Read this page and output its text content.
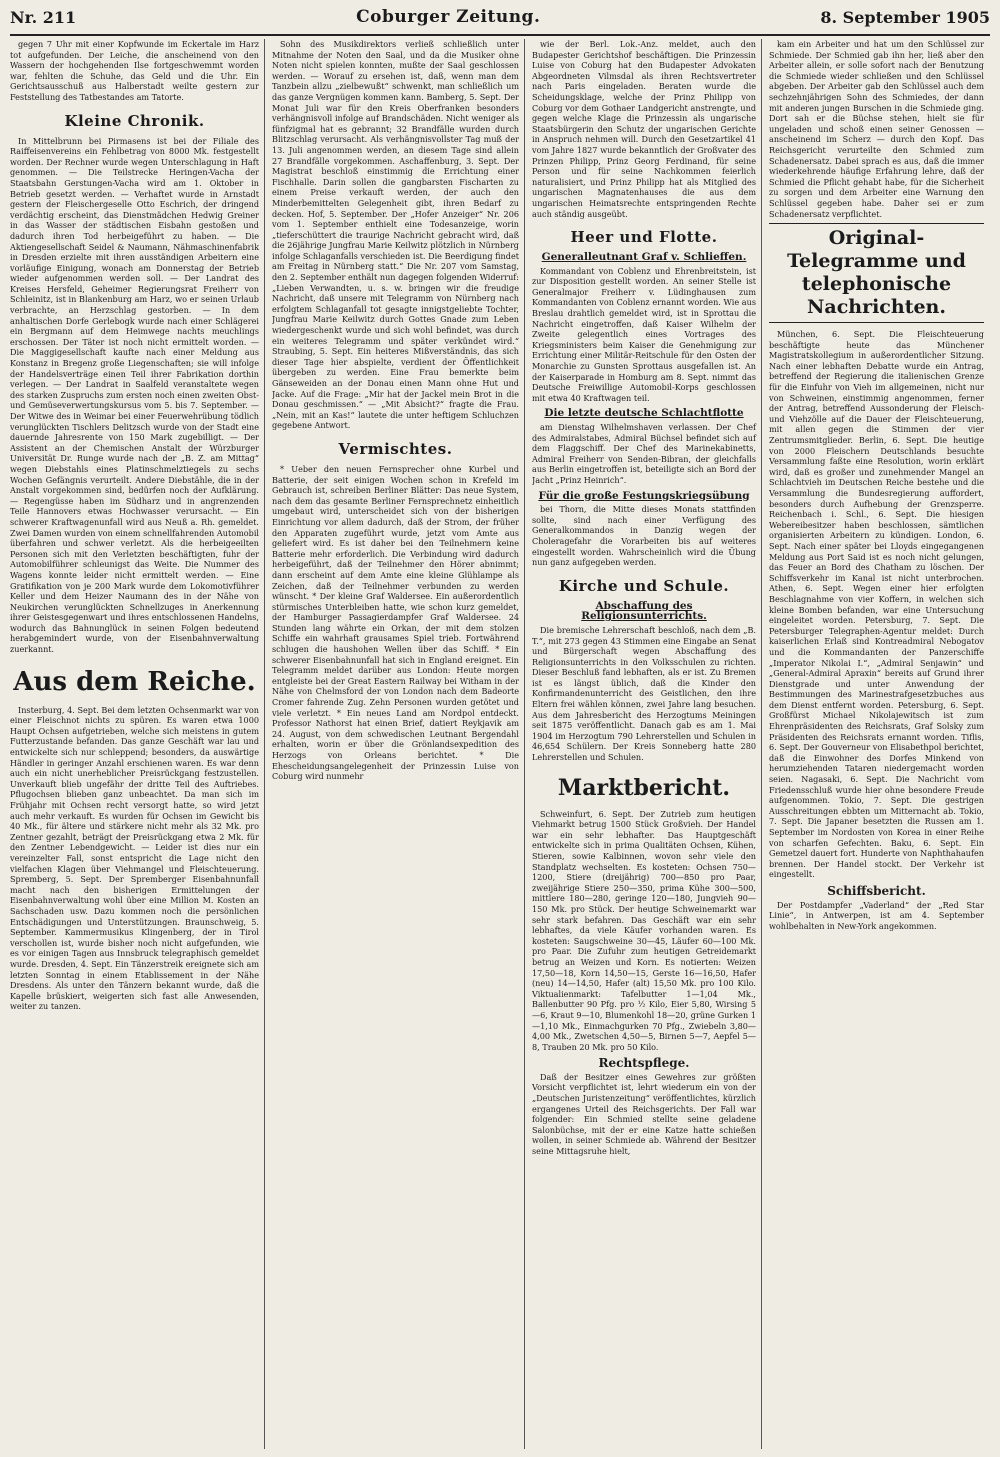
Nr. 211	Coburger Zeitung.	8. September 1905

gegen 7 Uhr mit einer Kopfwunde im Eckertale im Harz tot aufgefunden. Der Leiche, die anscheinend von den Wassern der hochgehenden Ilse fortgeschwemmt worden war, fehlten die Schuhe, das Geld und die Uhr. Ein Gerichtsausschuß aus Halberstadt weilte gestern zur Feststellung des Tatbestandes am Tatorte.

Kleine Chronik.

In Mittelbrunn bei Pirmasens ist bei der Filiale des Raiffeisenvereins ein Fehlbetrag von 8000 Mk. festgestellt worden. Der Rechner wurde wegen Unterschlagung in Haft genommen. — Die Teilstrecke Heringen-Vacha der Staatsbahn Gerstungen-Vacha wird am 1. Oktober in Betrieb gesetzt werden. — Verhaftet wurde in Arnstadt gestern der Fleischergeselle Otto Eschrich, der dringend verdächtig erscheint, das Dienstmädchen Hedwig Greiner in das Wasser der städtischen Eisbahn gestoßen und dadurch ihren Tod herbeigeführt zu haben. — Die Aktiengesellschaft Seidel & Naumann, Nähmaschinenfabrik in Dresden erzielte mit ihren ausständigen Arbeitern eine vorläufige Einigung, wonach am Donnerstag der Betrieb wieder aufgenommen werden soll. — Der Landrat des Kreises Hersfeld, Geheimer Regierungsrat Freiherr von Schleinitz, ist in Blankenburg am Harz, wo er seinen Urlaub verbrachte, an Herzschlag gestorben. — In dem anhaltischen Dorfe Gerlebogk wurde nach einer Schlägerei ein Bergmann auf dem Heimwege nachts meuchlings erschossen. Der Täter ist noch nicht ermittelt worden. — Die Maggigesellschaft kaufte nach einer Meldung aus Konstanz in Bregenz große Liegenschaften; sie will infolge der Handelsverträge einen Teil ihrer Fabrikation dorthin verlegen. — Der Landrat in Saalfeld veranstaltete wegen des starken Zuspruchs zum ersten noch einen zweiten Obst- und Gemüseverwertungskursus vom 5. bis 7. September. — Der Witwe des in Weimar bei einer Feuerwehrübung tödlich verunglückten Tischlers Delitzsch wurde von der Stadt eine dauernde Jahresrente von 150 Mark zugebilligt. — Der Assistent an der Chemischen Anstalt der Würzburger Universität Dr. Runge wurde nach der „B. Z. am Mittag“ wegen Diebstahls eines Platinschmelztiegels zu sechs Wochen Gefängnis verurteilt. Andere Diebstähle, die in der Anstalt vorgekommen sind, bedürfen noch der Aufklärung. — Regengüsse haben im Südharz und in angrenzenden Teile Hannovers etwas Hochwasser verursacht. — Ein schwerer Kraftwagenunfall wird aus Neuß a. Rh. gemeldet. Zwei Damen wurden von einem schnellfahrenden Automobil überfahren und schwer verletzt. Als die herbeigeeilten Personen sich mit den Verletzten beschäftigten, fuhr der Automobilführer schleunigst das Weite. Die Nummer des Wagens konnte leider nicht ermittelt werden. — Eine Gratifikation von je 200 Mark wurde dem Lokomotivführer Keller und dem Heizer Naumann des in der Nähe von Neukirchen verunglückten Schnellzuges in Anerkennung ihrer Geistesgegenwart und ihres entschlossenen Handelns, wodurch das Bahnunglück in seinen Folgen bedeutend herabgemindert wurde, von der Eisenbahnverwaltung zuerkannt.

Aus dem Reiche.

Insterburg, 4. Sept. Bei dem letzten Ochsenmarkt war von einer Fleischnot nichts zu spüren. Es waren etwa 1000 Haupt Ochsen aufgetrieben, welche sich meistens in gutem Futterzustande befanden. Das ganze Geschäft war lau und entwickelte sich nur schleppend; besonders, da auswärtige Händler in geringer Anzahl erschienen waren. Es war denn auch ein nicht unerheblicher Preisrückgang festzustellen. Unverkauft blieb ungefähr der dritte Teil des Auftriebes. Pflugochsen blieben ganz unbeachtet. Da man sich im Frühjahr mit Ochsen recht versorgt hatte, so wird jetzt auch mehr verkauft. Es wurden für Ochsen im Gewicht bis 40 Mk., für ältere und stärkere nicht mehr als 32 Mk. pro Zentner gezahlt, beträgt der Preisrückgang etwa 2 Mk. für den Zentner Lebendgewicht. — Leider ist dies nur ein vereinzelter Fall, sonst entspricht die Lage nicht den vielfachen Klagen über Viehmangel und Fleischteuerung. Spremberg, 5. Sept. Der Spremberger Eisenbahnunfall macht nach den bisherigen Ermittelungen der Eisenbahnverwaltung wohl über eine Million M. Kosten an Sachschaden usw. Dazu kommen noch die persönlichen Entschädigungen und Unterstützungen. Braunschweig, 5. September. Kammermusikus Klingenberg, der in Tirol verschollen ist, wurde bisher noch nicht aufgefunden, wie es vor einigen Tagen aus Innsbruck telegraphisch gemeldet wurde. Dresden, 4. Sept. Ein Tänzerstreik ereignete sich am letzten Sonntag in einem Etablissement in der Nähe Dresdens. Als unter den Tänzern bekannt wurde, daß die Kapelle brüskiert, weigerten sich fast alle Anwesenden, weiter zu tanzen.

Sohn des Musikdirektors verließ schließlich unter Mitnahme der Noten den Saal, und da die Musiker ohne Noten nicht spielen konnten, mußte der Saal geschlossen werden. — Worauf zu ersehen ist, daß, wenn man dem Tanzbein allzu „zielbewußt“ schwenkt, man schließlich um das ganze Vergnügen kommen kann. Bamberg, 5. Sept. Der Monat Juli war für den Kreis Oberfranken besonders verhängnisvoll infolge auf Brandschäden. Nicht weniger als fünfzigmal hat es gebrannt; 32 Brandfälle wurden durch Blitzschlag verursacht. Als verhängnisvollster Tag muß der 13. Juli angenommen werden, an diesem Tage sind allein 27 Brandfälle vorgekommen. Aschaffenburg, 3. Sept. Der Magistrat beschloß einstimmig die Errichtung einer Fischhalle. Darin sollen die gangbarsten Fischarten zu einem Preise verkauft werden, der auch den Minderbemittelten Gelegenheit gibt, ihren Bedarf zu decken. Hof, 5. September. Der „Hofer Anzeiger“ Nr. 206 vom 1. September enthielt eine Todesanzeige, worin „tieferschüttert die traurige Nachricht gebracht wird, daß die 26jährige Jungfrau Marie Keilwitz plötzlich in Nürnberg infolge Schlaganfalls verschieden ist. Die Beerdigung findet am Freitag in Nürnberg statt.“ Die Nr. 207 vom Samstag, den 2. September enthält nun dagegen folgenden Widerruf: „Lieben Verwandten, u. s. w. bringen wir die freudige Nachricht, daß unsere mit Telegramm von Nürnberg nach erfolgtem Schlaganfall tot gesagte innigstgeliebte Tochter, Jungfrau Marie Keilwitz durch Gottes Gnade zum Leben wiedergeschenkt wurde und sich wohl befindet, was durch ein weiteres Telegramm und später verkündet wird.“ Straubing, 5. Sept. Ein heiteres Mißverständnis, das sich dieser Tage hier abspielte, verdient der Öffentlichkeit übergeben zu werden. Eine Frau bemerkte beim Gänseweiden an der Donau einen Mann ohne Hut und Jacke. Auf die Frage: „Mir hat der Jackel mein Brot in die Donau geschmissen.“ — „Mit Absicht?“ fragte die Frau. „Nein, mit an Kas!“ lautete die unter heftigem Schluchzen gegebene Antwort.

Vermischtes.

* Ueber den neuen Fernsprecher ohne Kurbel und Batterie, der seit einigen Wochen schon in Krefeld im Gebrauch ist, schreiben Berliner Blätter: Das neue System, nach dem das gesamte Berliner Fernsprechnetz einheitlich umgebaut wird, unterscheidet sich von der bisherigen Einrichtung vor allem dadurch, daß der Strom, der früher den Apparaten zugeführt wurde, jetzt vom Amte aus geliefert wird. Es ist daher bei den Teilnehmern keine Batterie mehr erforderlich. Die Verbindung wird dadurch herbeigeführt, daß der Teilnehmer den Hörer abnimmt; dann erscheint auf dem Amte eine kleine Glühlampe als Zeichen, daß der Teilnehmer verbunden zu werden wünscht. * Der kleine Graf Waldersee. Ein außerordentlich stürmisches Unterbleiben hatte, wie schon kurz gemeldet, der Hamburger Passagierdampfer Graf Waldersee. 24 Stunden lang währte ein Orkan, der mit dem stolzen Schiffe ein wahrhaft grausames Spiel trieb. Fortwährend schlugen die haushohen Wellen über das Schiff. * Ein schwerer Eisenbahnunfall hat sich in England ereignet. Ein Telegramm meldet darüber aus London: Heute morgen entgleiste bei der Great Eastern Railway bei Witham in der Nähe von Chelmsford der von London nach dem Badeorte Cromer fahrende Zug. Zehn Personen wurden getötet und viele verletzt. * Ein neues Land am Nordpol entdeckt. Professor Nathorst hat einen Brief, datiert Reykjavik am 24. August, von dem schwedischen Leutnant Bergendahl erhalten, worin er über die Grönlandsexpedition des Herzogs von Orleans berichtet. * Die Ehescheidungsangelegenheit der Prinzessin Luise von Coburg wird nunmehr

wie der Berl. Lok.-Anz. meldet, auch den Budapester Gerichtshof beschäftigen. Die Prinzessin Luise von Coburg hat den Budapester Advokaten Abgeordneten Vilmsdal als ihren Rechtsvertreter nach Paris eingeladen. Beraten wurde die Scheidungsklage, welche der Prinz Philipp von Coburg vor dem Gothaer Landgericht anstrengte, und gegen welche Klage die Prinzessin als ungarische Staatsbürgerin den Schutz der ungarischen Gerichte in Anspruch nehmen will. Durch den Gesetzartikel 41 vom Jahre 1827 wurde bekanntlich der Großvater des Prinzen Philipp, Prinz Georg Ferdinand, für seine Person und für seine Nachkommen feierlich naturalisiert, und Prinz Philipp hat als Mitglied des ungarischen Magnatenhauses die aus dem ungarischen Heimatsrechte entspringenden Rechte auch ständig ausgeübt.

Heer und Flotte.
Generalleutnant Graf v. Schlieffen.

Kommandant von Coblenz und Ehrenbreitstein, ist zur Disposition gestellt worden. An seiner Stelle ist Generalmajor Freiherr v. Lüdinghausen zum Kommandanten von Coblenz ernannt worden. Wie aus Breslau drahtlich gemeldet wird, ist in Sprottau die Nachricht eingetroffen, daß Kaiser Wilhelm der Zweite gelegentlich eines Vortrages des Kriegsministers beim Kaiser die Genehmigung zur Errichtung einer Militär-Reitschule für den Osten der Monarchie zu Gunsten Sprottaus ausgefallen ist. An der Kaiserparade in Homburg am 8. Sept. nimmt das Deutsche Freiwillige Automobil-Korps geschlossen mit etwa 40 Kraftwagen teil.

Die letzte deutsche Schlachtflotte

am Dienstag Wilhelmshaven verlassen. Der Chef des Admiralstabes, Admiral Büchsel befindet sich auf dem Flaggschiff. Der Chef des Marinekabinetts, Admiral Freiherr von Senden-Bibran, der gleichfalls aus Berlin eingetroffen ist, beteiligte sich an Bord der Jacht „Prinz Heinrich“.

Für die große Festungskriegsübung

bei Thorn, die Mitte dieses Monats stattfinden sollte, sind nach einer Verfügung des Generalkommandos in Danzig wegen der Choleragefahr die Vorarbeiten bis auf weiteres eingestellt worden. Wahrscheinlich wird die Übung nun ganz aufgegeben werden.

Kirche und Schule.
Abschaffung des Religionsunterrichts.

Die bremische Lehrerschaft beschloß, nach dem „B. T.“, mit 273 gegen 43 Stimmen eine Eingabe an Senat und Bürgerschaft wegen Abschaffung des Religionsunterrichts in den Volksschulen zu richten. Dieser Beschluß fand lebhaften, als er ist. Zu Bremen ist es längst üblich, daß die Kinder den Konfirmandenunterricht des Geistlichen, den ihre Eltern frei wählen können, zwei Jahre lang besuchen. Aus dem Jahresbericht des Herzogtums Meiningen seit 1875 veröffentlicht. Danach gab es am 1. Mai 1904 im Herzogtum 790 Lehrerstellen und Schulen in 46,654 Schülern. Der Kreis Sonneberg hatte 280 Lehrerstellen und Schulen.

Marktbericht.

Schweinfurt, 6. Sept. Der Zutrieb zum heutigen Viehmarkt betrug 1500 Stück Großvieh. Der Handel war ein sehr lebhafter. Das Hauptgeschäft entwickelte sich in prima Qualitäten Ochsen, Kühen, Stieren, sowie Kalbinnen, wovon sehr viele den Standplatz wechselten. Es kosteten: Ochsen 750—1200, Stiere (dreijährig) 700—850 pro Paar, zweijährige Stiere 250—350, prima Kühe 300—500, mittlere 180—280, geringe 120—180, Jungvieh 90—150 Mk. pro Stück. Der heutige Schweinemarkt war sehr stark befahren. Das Geschäft war ein sehr lebhaftes, da viele Käufer vorhanden waren. Es kosteten: Saugschweine 30—45, Läufer 60—100 Mk. pro Paar. Die Zufuhr zum heutigen Getreidemarkt betrug an Weizen und Korn. Es notierten: Weizen 17,50—18, Korn 14,50—15, Gerste 16—16,50, Hafer (neu) 14—14,50, Hafer (alt) 15,50 Mk. pro 100 Kilo. Viktualienmarkt: Tafelbutter 1—1,04 Mk., Ballenbutter 90 Pfg. pro ½ Kilo, Eier 5,80, Wirsing 5—6, Kraut 9—10, Blumenkohl 18—20, grüne Gurken 1—1,10 Mk., Einmachgurken 70 Pfg., Zwiebeln 3,80—4,00 Mk., Zwetschen 4,50—5, Birnen 5—7, Aepfel 5—8, Trauben 20 Mk. pro 50 Kilo.

Rechtspflege.

Daß der Besitzer eines Gewehres zur größten Vorsicht verpflichtet ist, lehrt wiederum ein von der „Deutschen Juristenzeitung“ veröffentlichtes, kürzlich ergangenes Urteil des Reichsgerichts. Der Fall war folgender: Ein Schmied stellte seine geladene Salonbüchse, mit der er eine Katze hatte schießen wollen, in seiner Schmiede ab. Während der Besitzer seine Mittagsruhe hielt,

kam ein Arbeiter und hat um den Schlüssel zur Schmiede. Der Schmied gab ihn her, ließ aber den Arbeiter allein, er solle sofort nach der Benutzung die Schmiede wieder schließen und den Schlüssel abgeben. Der Arbeiter gab den Schlüssel auch dem sechzehnjährigen Sohn des Schmiedes, der dann mit anderen jungen Burschen in die Schmiede ging. Dort sah er die Büchse stehen, hielt sie für ungeladen und schoß einen seiner Genossen — anscheinend im Scherz — durch den Kopf. Das Reichsgericht verurteilte den Schmied zum Schadenersatz. Dabei sprach es aus, daß die immer wiederkehrende häufige Erfahrung lehre, daß der Schmied die Pflicht gehabt habe, für die Sicherheit zu sorgen und dem Arbeiter eine Warnung den Schlüssel gegeben habe. Daher sei er zum Schadenersatz verpflichtet.

Original-Telegramme und telephonische Nachrichten.

München, 6. Sept. Die Fleischteuerung beschäftigte heute das Münchener Magistratskollegium in außerordentlicher Sitzung. Nach einer lebhaften Debatte wurde ein Antrag, betreffend der Regierung die italienischen Grenze für die Einfuhr von Vieh im allgemeinen, nicht nur von Schweinen, einstimmig angenommen, ferner der Antrag, betreffend Aussonderung der Fleisch- und Viehzölle auf die Dauer der Fleischteuerung, mit allen gegen die Stimmen der vier Zentrumsmitglieder. Berlin, 6. Sept. Die heutige von 2000 Fleischern Deutschlands besuchte Versammlung faßte eine Resolution, worin erklärt wird, daß es großer und zunehmender Mangel an Schlachtvieh im Deutschen Reiche bestehe und die Versammlung die Bundesregierung auffordert, besonders durch Aufhebung der Grenzsperre. Reichenbach i. Schl., 6. Sept. Die hiesigen Webereibesitzer haben beschlossen, sämtlichen organisierten Arbeitern zu kündigen. London, 6. Sept. Nach einer später bei Lloyds eingegangenen Meldung aus Port Said ist es noch nicht gelungen, das Feuer an Bord des Chatham zu löschen. Der Schiffsverkehr im Kanal ist nicht unterbrochen. Athen, 6. Sept. Wegen einer hier erfolgten Beschlagnahme von vier Koffern, in welchen sich kleine Bomben befanden, war eine Untersuchung eingeleitet worden. Petersburg, 7. Sept. Die Petersburger Telegraphen-Agentur meldet: Durch kaiserlichen Erlaß sind Kontreadmiral Nebogatov und die Kommandanten der Panzerschiffe „Imperator Nikolai I.“, „Admiral Senjawin“ und „General-Admiral Apraxin“ bereits auf Grund ihrer Dienstgrade und unter Anwendung der Bestimmungen des Marinestrafgesetzbuches aus dem Dienst entfernt worden. Petersburg, 6. Sept. Großfürst Michael Nikolajewitsch ist zum Ehrenpräsidenten des Reichsrats, Graf Solsky zum Präsidenten des Reichsrats ernannt worden. Tiflis, 6. Sept. Der Gouverneur von Elisabethpol berichtet, daß die Einwohner des Dorfes Minkend von herumziehenden Tataren niedergemacht worden seien. Nagasaki, 6. Sept. Die Nachricht vom Friedensschluß wurde hier ohne besondere Freude aufgenommen. Tokio, 7. Sept. Die gestrigen Ausschreitungen ebbten um Mitternacht ab. Tokio, 7. Sept. Die Japaner besetzten die Russen am 1. September im Nordosten von Korea in einer Reihe von scharfen Gefechten. Baku, 6. Sept. Ein Gemetzel dauert fort. Hunderte von Naphthahaufen brennen. Der Handel stockt. Der Verkehr ist eingestellt.

Schiffsbericht.

Der Postdampfer „Vaderland“ der „Red Star Linie“, in Antwerpen, ist am 4. September wohlbehalten in New-York angekommen.
